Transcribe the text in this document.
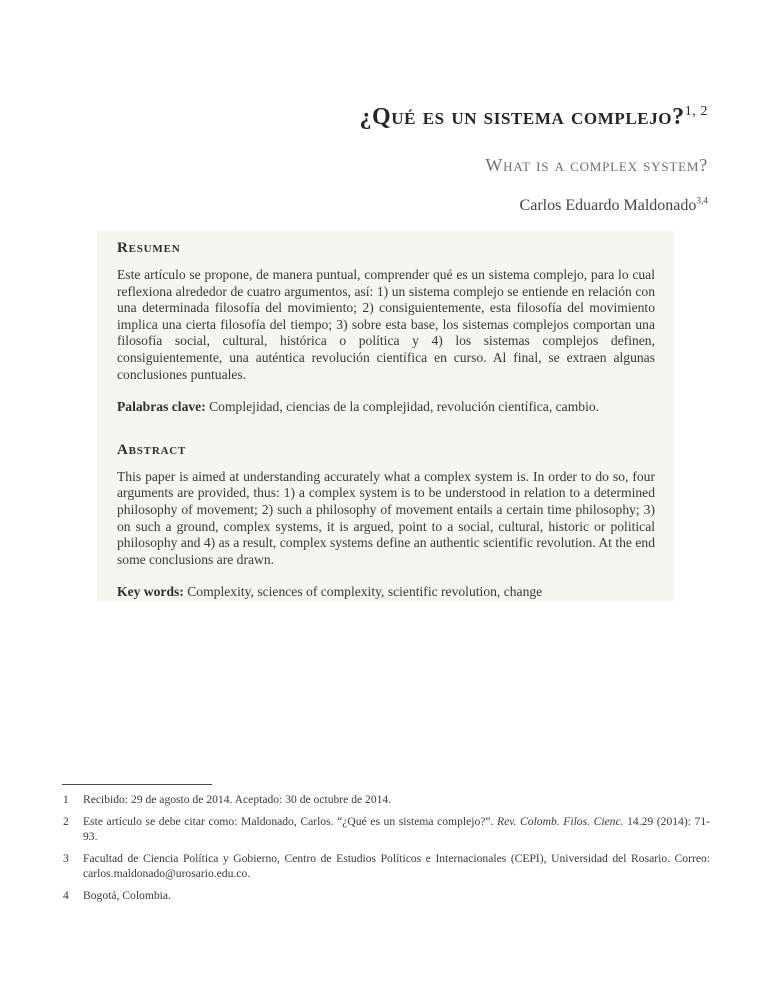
¿Qué es un sistema complejo?$^{1, 2}$
What is a complex system?
Carlos Eduardo Maldonado$^{3,4}$
Resumen

Este artículo se propone, de manera puntual, comprender qué es un sistema complejo, para lo cual reflexiona alrededor de cuatro argumentos, así: 1) un sistema complejo se entiende en relación con una determinada filosofía del movimiento; 2) consiguientemente, esta filosofía del movimiento implica una cierta filosofía del tiempo; 3) sobre esta base, los sistemas complejos comportan una filosofía social, cultural, histórica o política y 4) los sistemas complejos definen, consiguientemente, una auténtica revolución científica en curso. Al final, se extraen algunas conclusiones puntuales.

Palabras clave: Complejidad, ciencias de la complejidad, revolución científica, cambio.

Abstract

This paper is aimed at understanding accurately what a complex system is. In order to do so, four arguments are provided, thus: 1) a complex system is to be understood in relation to a determined philosophy of movement; 2) such a philosophy of movement entails a certain time philosophy; 3) on such a ground, complex systems, it is argued, point to a social, cultural, historic or political philosophy and 4) as a result, complex systems define an authentic scientific revolution. At the end some conclusions are drawn.

Key words: Complexity, sciences of complexity, scientific revolution, change

1	Recibido: 29 de agosto de 2014. Aceptado: 30 de octubre de 2014.
2	Este artículo se debe citar como: Maldonado, Carlos. “¿Qué es un sistema complejo?”. Rev. Colomb. Filos. Cienc. 14.29 (2014): 71-93.
3	Facultad de Ciencia Política y Gobierno, Centro de Estudios Políticos e Internacionales (CEPI), Universidad del Rosario. Correo: carlos.maldonado@urosario.edu.co.
4	Bogotá, Colombia.
